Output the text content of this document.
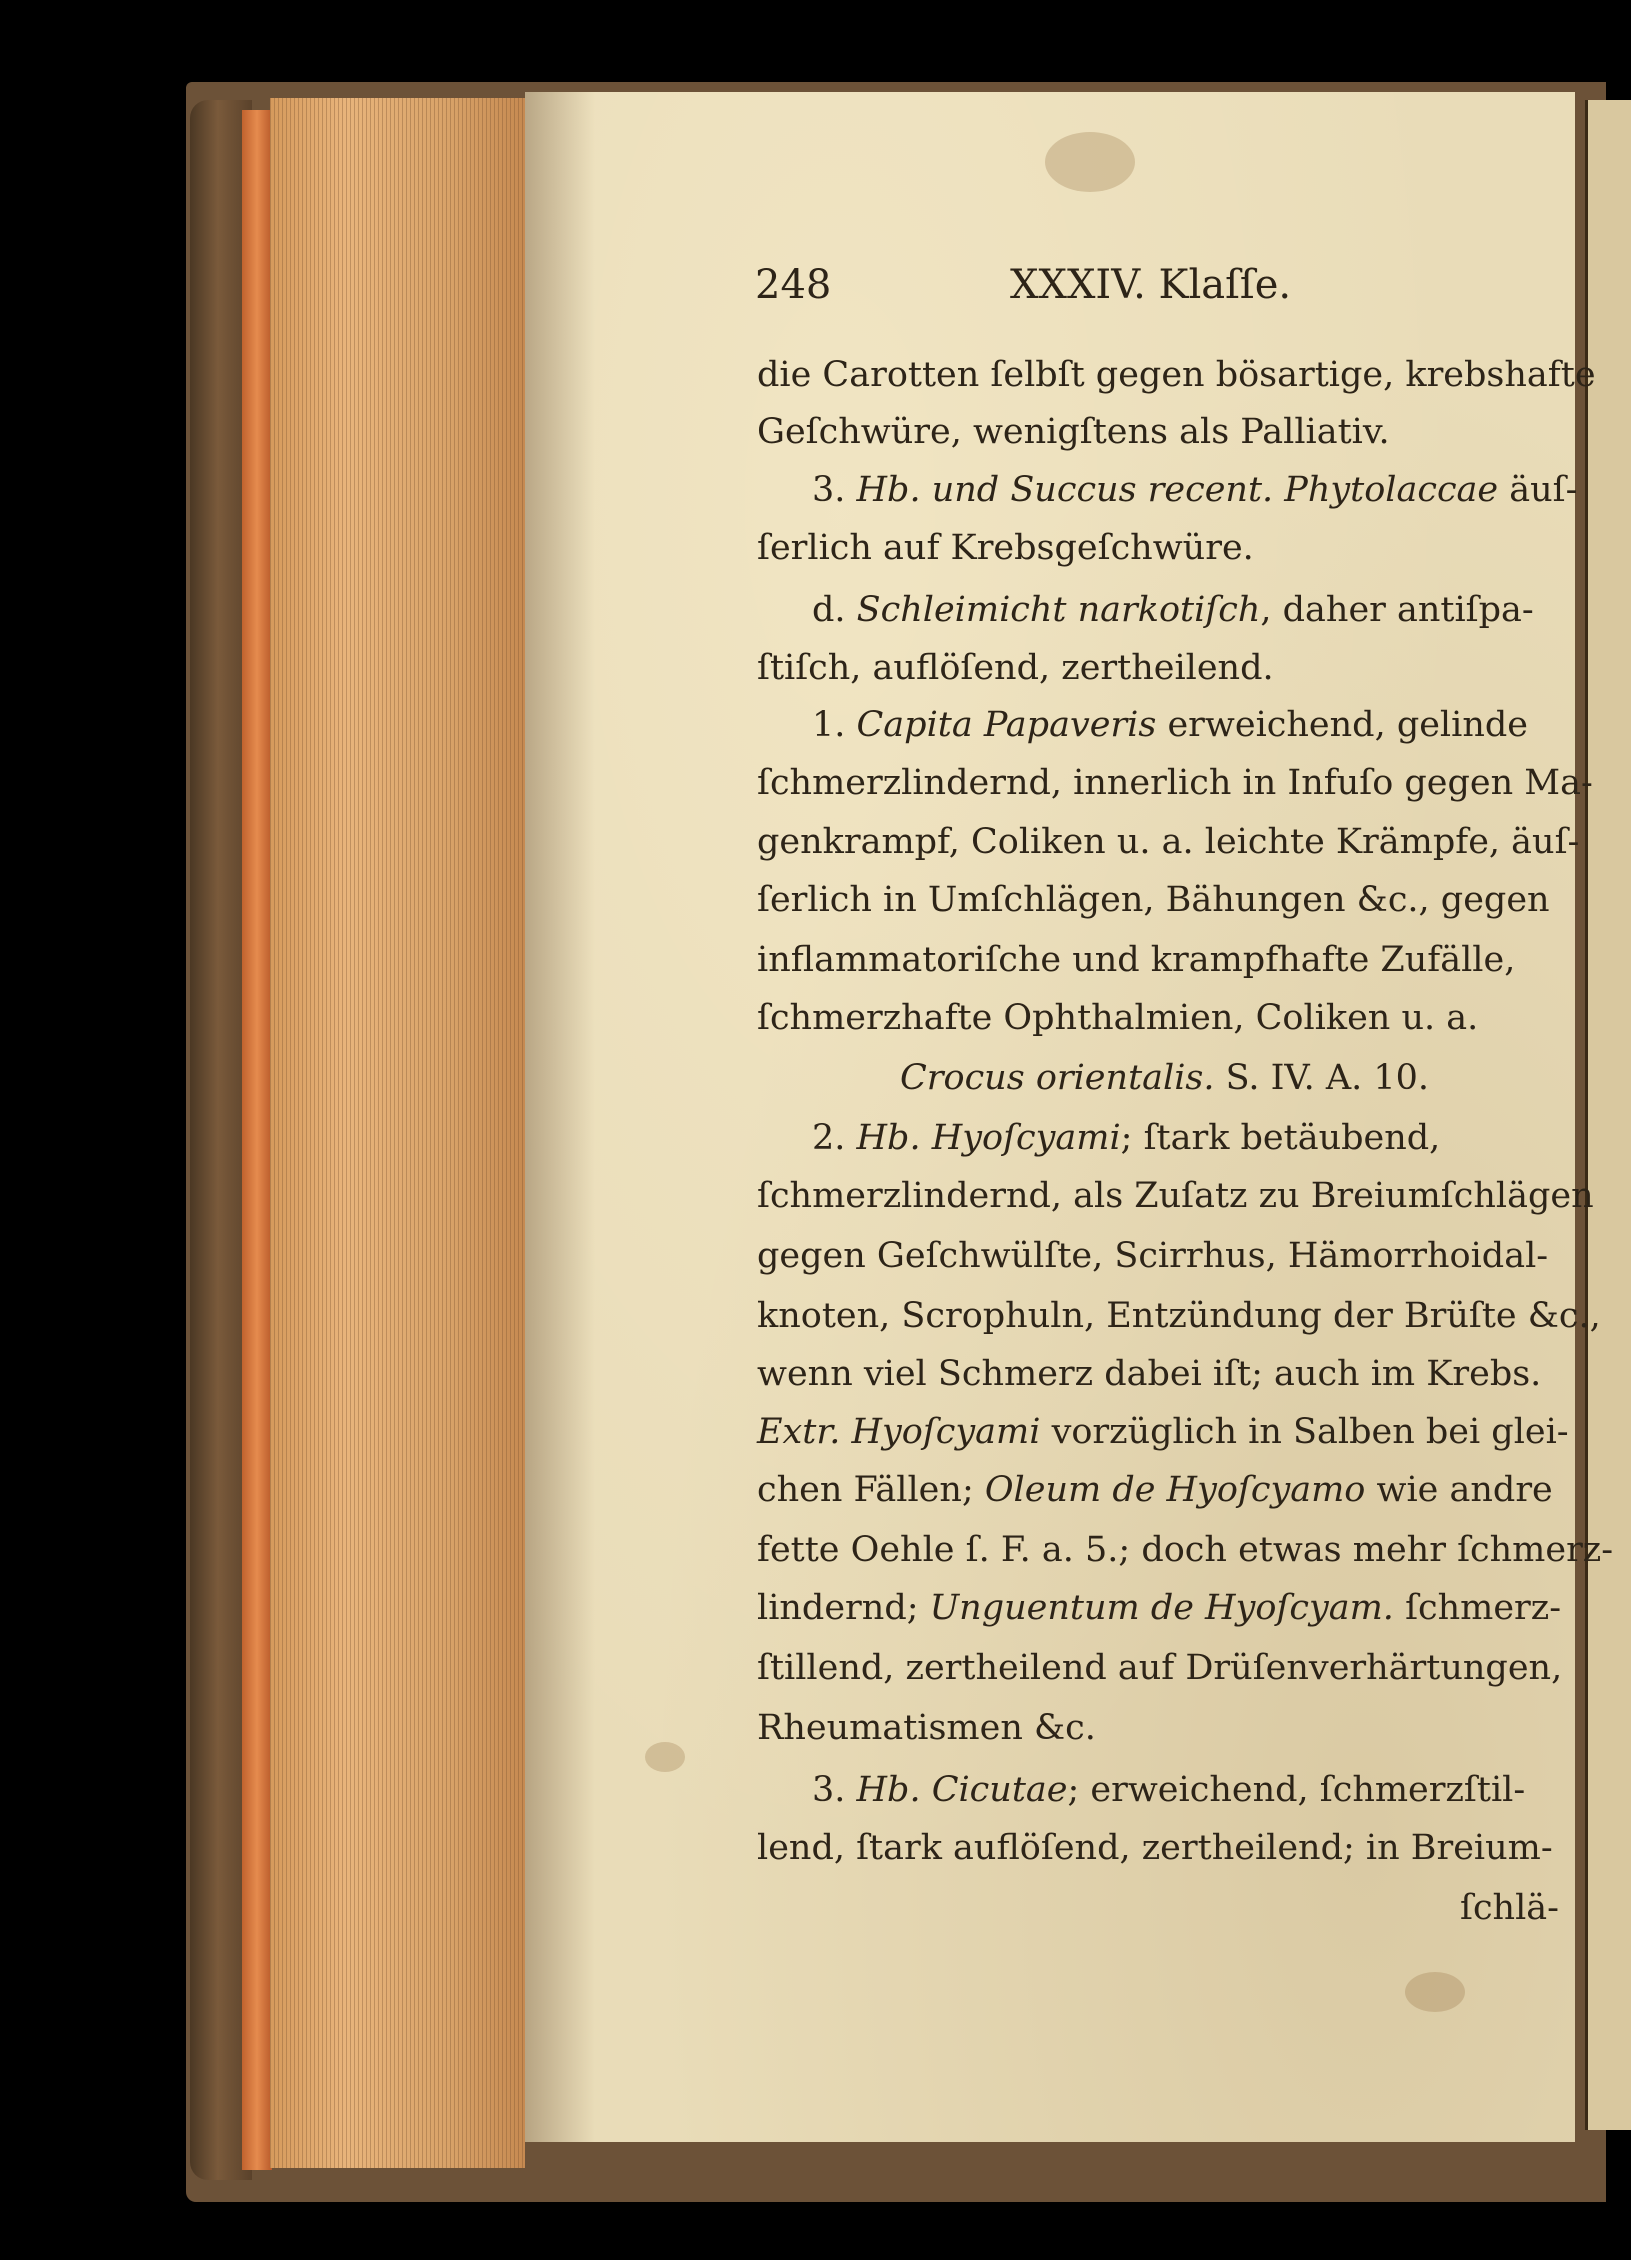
248	XXXIV. Klaſſe.
die Carotten ſelbſt gegen bösartige, krebshafte
Geſchwüre, wenigſtens als Palliativ.
3. Hb. und Succus recent. Phytolaccae äuſ-
ſerlich auf Krebsgeſchwüre.
d. Schleimicht narkotiſch, daher antiſpa-
ſtiſch, auflöſend, zertheilend.
1. Capita Papaveris erweichend, gelinde
ſchmerzlindernd, innerlich in Infuſo gegen Ma-
genkrampf, Coliken u. a. leichte Krämpfe, äuſ-
ſerlich in Umſchlägen, Bähungen &c., gegen
inflammatoriſche und krampfhafte Zufälle,
ſchmerzhafte Ophthalmien, Coliken u. a.
Crocus orientalis. S. IV. A. 10.
2. Hb. Hyoſcyami; ſtark betäubend,
ſchmerzlindernd, als Zuſatz zu Breiumſchlägen
gegen Geſchwülſte, Scirrhus, Hämorrhoidal-
knoten, Scrophuln, Entzündung der Brüſte &c.,
wenn viel Schmerz dabei iſt; auch im Krebs.
Extr. Hyoſcyami vorzüglich in Salben bei glei-
chen Fällen; Oleum de Hyoſcyamo wie andre
fette Oehle ſ. F. a. 5.; doch etwas mehr ſchmerz-
lindernd; Unguentum de Hyoſcyam. ſchmerz-
ſtillend, zertheilend auf Drüſenverhärtungen,
Rheumatismen &c.
3. Hb. Cicutae; erweichend, ſchmerzſtil-
lend, ſtark auflöſend, zertheilend; in Breium-
ſchlä-
